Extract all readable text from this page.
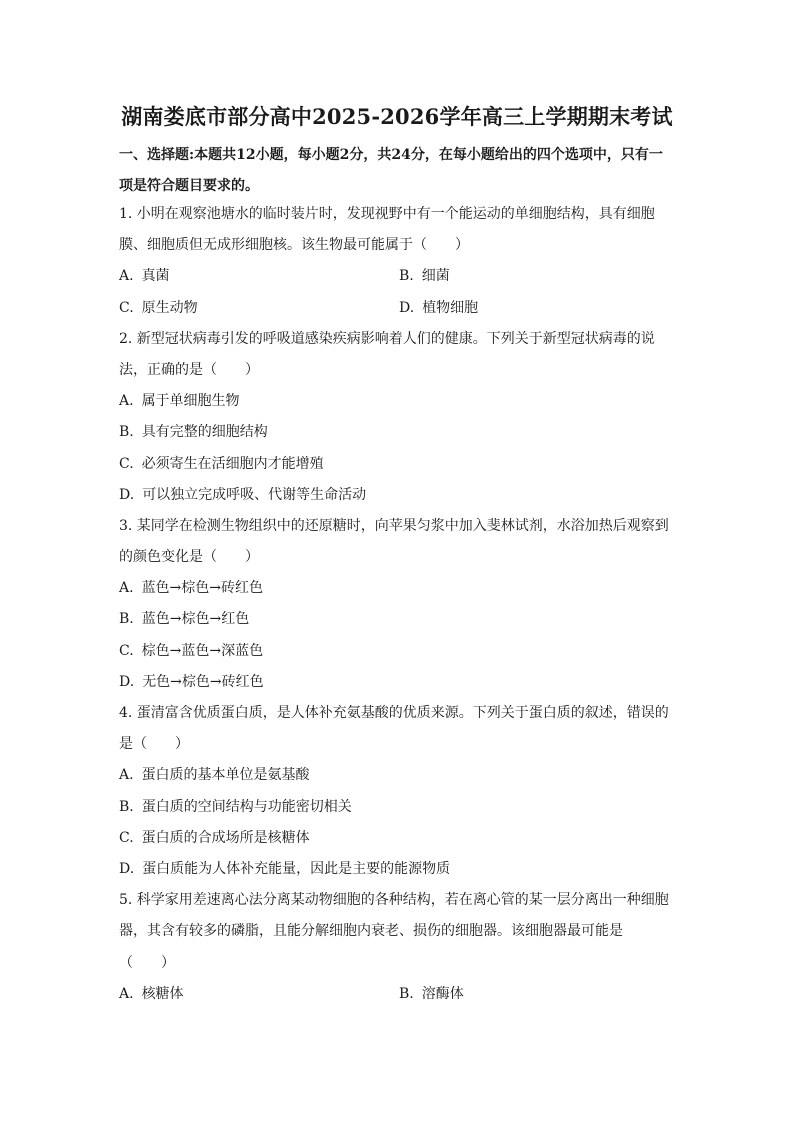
湖南娄底市部分高中2025-2026学年高三上学期期末考试
一、选择题:本题共12小题，每小题2分，共24分，在每小题给出的四个选项中，只有一
项是符合题目要求的。
1. 小明在观察池塘水的临时装片时，发现视野中有一个能运动的单细胞结构，具有细胞
膜、细胞质但无成形细胞核。该生物最可能属于（　　）
A. 真菌	B. 细菌
C. 原生动物	D. 植物细胞
2. 新型冠状病毒引发的呼吸道感染疾病影响着人们的健康。下列关于新型冠状病毒的说
法，正确的是（　　）
A. 属于单细胞生物
B. 具有完整的细胞结构
C. 必须寄生在活细胞内才能增殖
D. 可以独立完成呼吸、代谢等生命活动
3. 某同学在检测生物组织中的还原糖时，向苹果匀浆中加入斐林试剂，水浴加热后观察到
的颜色变化是（　　）
A. 蓝色→棕色→砖红色
B. 蓝色→棕色→红色
C. 棕色→蓝色→深蓝色
D. 无色→棕色→砖红色
4. 蛋清富含优质蛋白质，是人体补充氨基酸的优质来源。下列关于蛋白质的叙述，错误的
是（　　）
A. 蛋白质的基本单位是氨基酸
B. 蛋白质的空间结构与功能密切相关
C. 蛋白质的合成场所是核糖体
D. 蛋白质能为人体补充能量，因此是主要的能源物质
5. 科学家用差速离心法分离某动物细胞的各种结构，若在离心管的某一层分离出一种细胞
器，其含有较多的磷脂，且能分解细胞内衰老、损伤的细胞器。该细胞器最可能是
（　　）
A. 核糖体	B. 溶酶体
